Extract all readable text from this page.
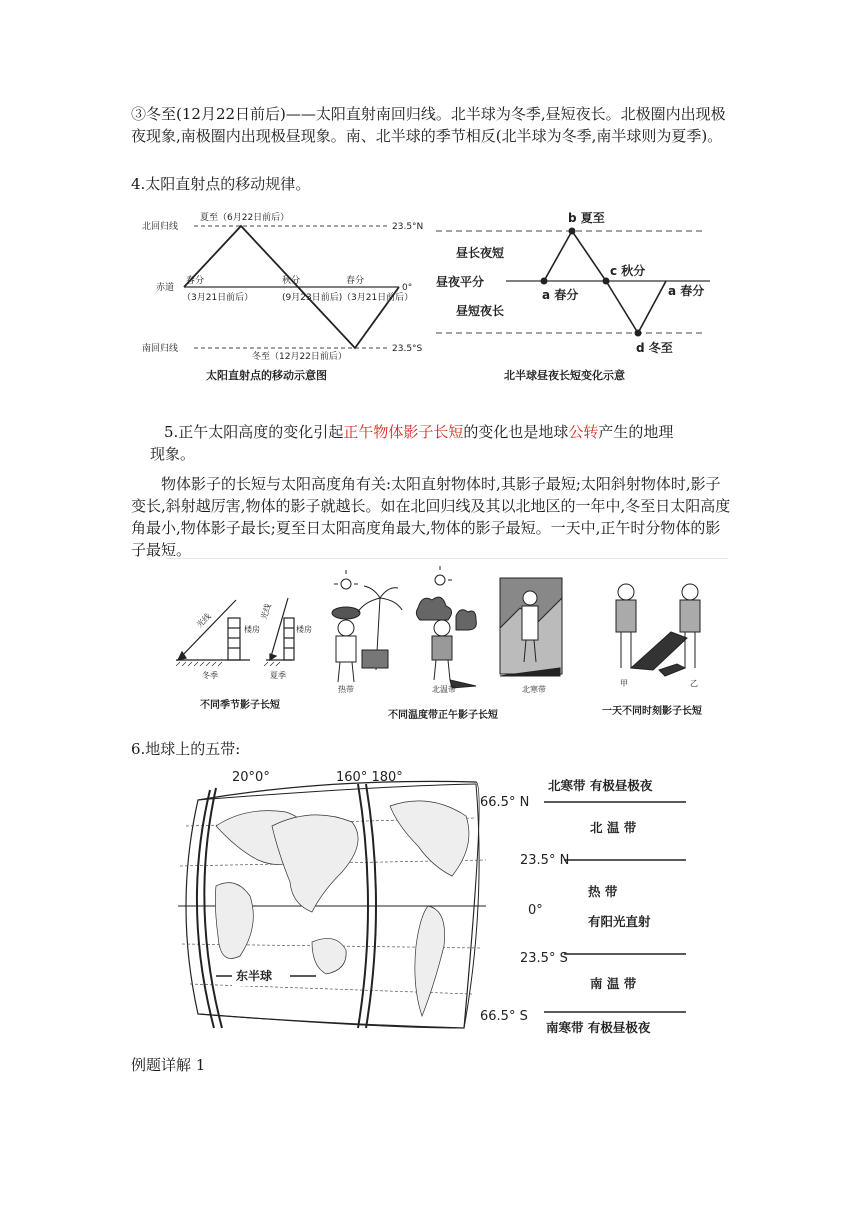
③冬至(12月22日前后)——太阳直射南回归线。北半球为冬季,昼短夜长。北极圈内出现极夜现象,南极圈内出现极昼现象。南、北半球的季节相反(北半球为冬季,南半球则为夏季)。

4.太阳直射点的移动规律。

北回归线
赤道
南回归线
23.5°N
0°
23.5°S
夏至（6月22日前后）
春分
（3月21日前后）
秋分
(9月23日前后)
春分
（3月21日前后）
冬至（12月22日前后）
太阳直射点的移动示意图
昼长夜短
昼夜平分
昼短夜长
b 夏至
c 秋分
a 春分	a 春分
d 冬至
北半球昼夜长短变化示意

5.正午太阳高度的变化引起正午物体影子长短的变化也是地球公转产生的地理

现象。

物体影子的长短与太阳高度角有关:太阳直射物体时,其影子最短;太阳斜射物体时,影子变长,斜射越厉害,物体的影子就越长。如在北回归线及其以北地区的一年中,冬至日太阳高度角最小,物体影子最长;夏至日太阳高度角最大,物体的影子最短。一天中,正午时分物体的影子最短。

光线	光线
楼房	楼房
冬季	夏季
热带	北温带	北寒带
甲	乙
不同季节影子长短
不同温度带正午影子长短	一天不同时刻影子长短

6.地球上的五带:

东半球
20°0°	160° 180°
66.5° N
23.5° N
0°
23.5° S
66.5° S
北寒带 有极昼极夜
北 温 带
热 带
有阳光直射
南 温 带
南寒带 有极昼极夜

例题详解 1
